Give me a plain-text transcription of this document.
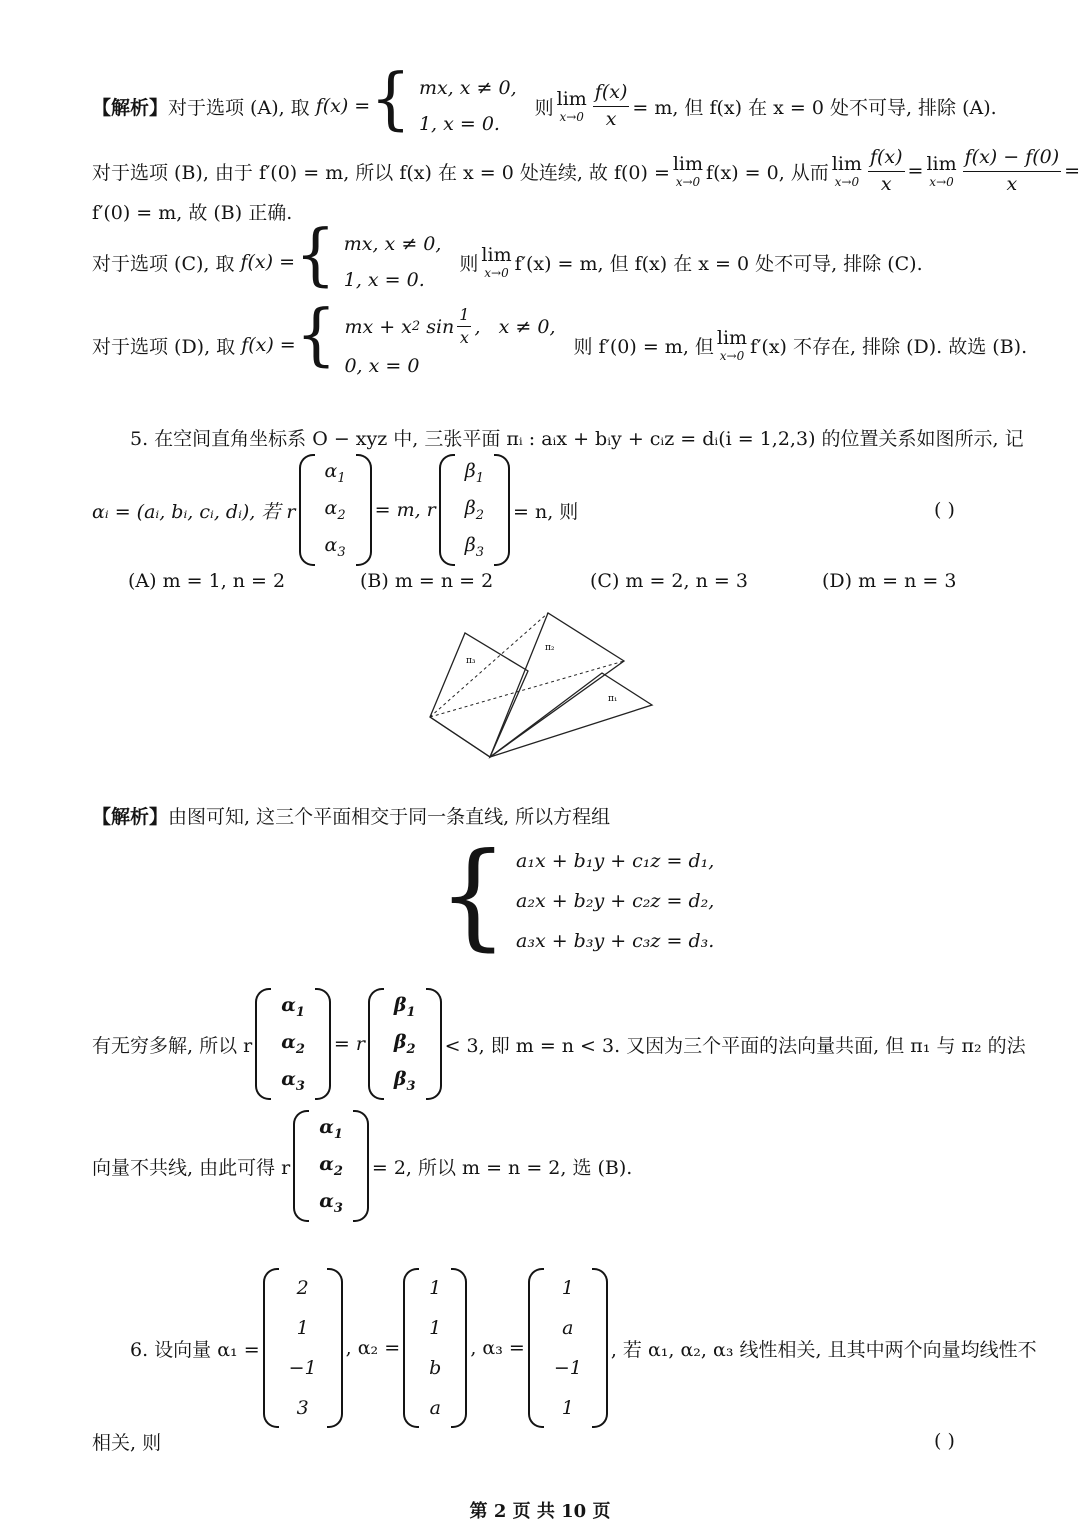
【解析】 对于选项 (A), 取 f(x) = { mx, x ≠ 0,
1, x = 0.
则 lim
$x\to 0 \frac{f(x)}{x} = m$, 但 f(x) 在 x = 0 处不可导, 排除 (A).
对于选项 (B), 由于 f′(0) = m, 所以 f(x) 在 x = 0 处连续, 故 f(0) = lim
x→0 f(x) = 0, 从而 lim
$x\to 0 \frac{f(x)}{x} = \lim$
$x\to 0 \frac{f(x) - f(0)}{x}$ =
f′(0) = m, 故 (B) 正确.
对于选项 (C), 取 f(x) = { mx, x ≠ 0,
1, x = 0.
则 lim
x→0 f′(x) = m, 但 f(x) 在 x = 0 处不可导, 排除 (C).
对于选项 (D), 取 f(x) = { mx + x 2 $\sin \frac{1}{x}$ ,   x ≠ 0,
0, x = 0
则 f′(0) = m, 但 lim
x→0 f′(x) 不存在, 排除 (D). 故选 (B).
5. 在空间直角坐标系 O − xyz 中, 三张平面 πᵢ : aᵢx + bᵢy + cᵢz = dᵢ(i = 1,2,3) 的位置关系如图所示, 记
αᵢ = (aᵢ, bᵢ, cᵢ, dᵢ), 若 r
$\alpha_1$
$\alpha_2$
$\alpha_3$
= m, r
$\beta_1$
$\beta_2$
$\beta_3$
= n, 则	( )
(A) m = 1, n = 2	(B) m = n = 2	(C) m = 2, n = 3	(D) m = n = 3
π₃
π₂
π₁
【解析】 由图可知, 这三个平面相交于同一条直线, 所以方程组
{ a₁x + b₁y + c₁z = d₁,
a₂x + b₂y + c₂z = d₂,
a₃x + b₃y + c₃z = d₃.
有无穷多解, 所以 r
$\alpha_1$
$\alpha_2$
$\alpha_3$
= r
$\beta_1$
$\beta_2$
$\beta_3$
< 3, 即 m = n < 3. 又因为三个平面的法向量共面, 但 π₁ 与 π₂ 的法
向量不共线, 由此可得 r
$\alpha_1$
$\alpha_2$
$\alpha_3$
= 2, 所以 m = n = 2, 选 (B).
6. 设向量 α₁ =
2
1
−1
3
, α₂ =
1
1
b
a
, α₃ =
1
a
−1
1
, 若 α₁, α₂, α₃ 线性相关, 且其中两个向量均线性不
相关, 则	( )
第 2 页 共 10 页
